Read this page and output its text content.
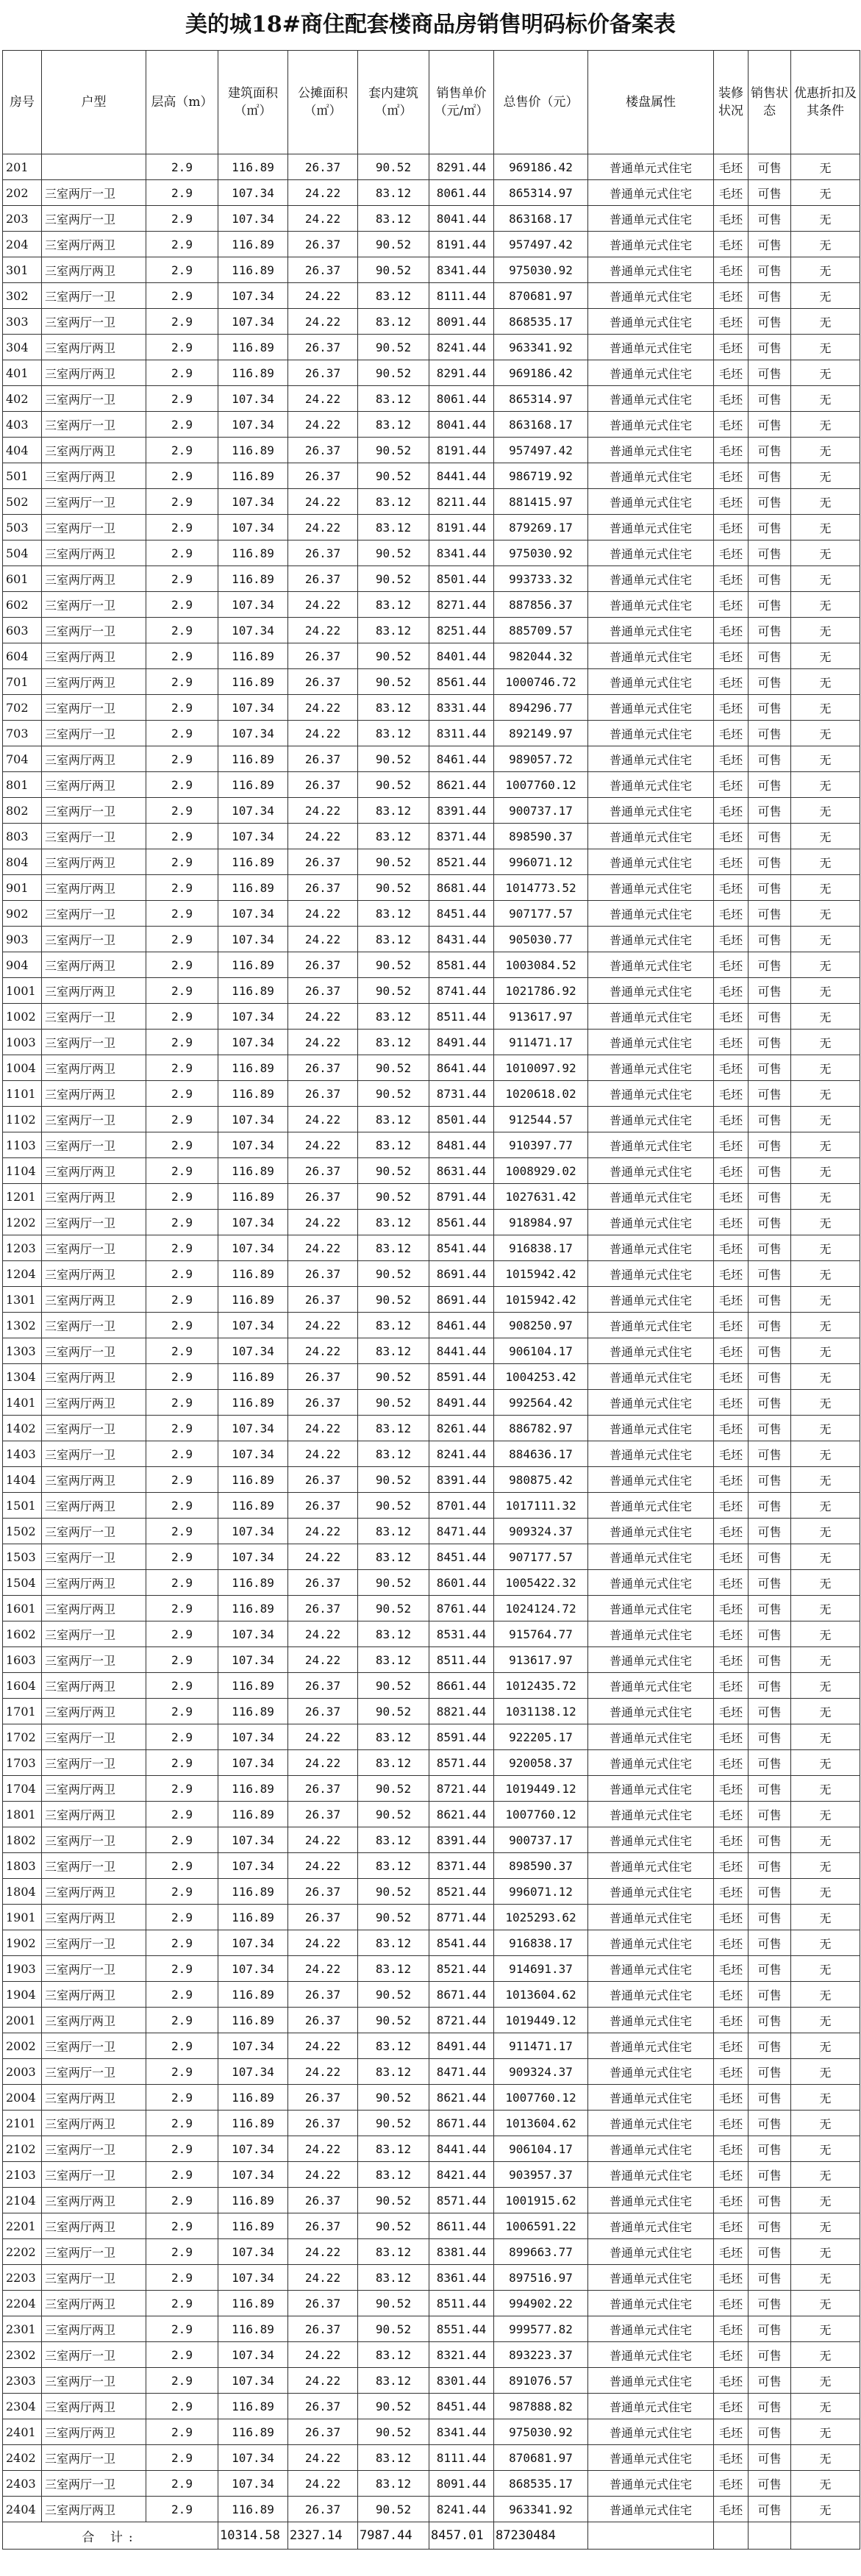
美的城18#商住配套楼商品房销售明码标价备案表
房号	户型	层高（m）	建筑面积（㎡）	公摊面积（㎡）	套内建筑（㎡）	销售单价（元/㎡）	总售价（元）	楼盘属性	装修状况	销售状态	优惠折扣及其条件
201		2.9	116.89	26.37	90.52	8291.44	969186.42	普通单元式住宅	毛坯	可售	无
202	三室两厅一卫	2.9	107.34	24.22	83.12	8061.44	865314.97	普通单元式住宅	毛坯	可售	无
203	三室两厅一卫	2.9	107.34	24.22	83.12	8041.44	863168.17	普通单元式住宅	毛坯	可售	无
204	三室两厅两卫	2.9	116.89	26.37	90.52	8191.44	957497.42	普通单元式住宅	毛坯	可售	无
301	三室两厅两卫	2.9	116.89	26.37	90.52	8341.44	975030.92	普通单元式住宅	毛坯	可售	无
302	三室两厅一卫	2.9	107.34	24.22	83.12	8111.44	870681.97	普通单元式住宅	毛坯	可售	无
303	三室两厅一卫	2.9	107.34	24.22	83.12	8091.44	868535.17	普通单元式住宅	毛坯	可售	无
304	三室两厅两卫	2.9	116.89	26.37	90.52	8241.44	963341.92	普通单元式住宅	毛坯	可售	无
401	三室两厅两卫	2.9	116.89	26.37	90.52	8291.44	969186.42	普通单元式住宅	毛坯	可售	无
402	三室两厅一卫	2.9	107.34	24.22	83.12	8061.44	865314.97	普通单元式住宅	毛坯	可售	无
403	三室两厅一卫	2.9	107.34	24.22	83.12	8041.44	863168.17	普通单元式住宅	毛坯	可售	无
404	三室两厅两卫	2.9	116.89	26.37	90.52	8191.44	957497.42	普通单元式住宅	毛坯	可售	无
501	三室两厅两卫	2.9	116.89	26.37	90.52	8441.44	986719.92	普通单元式住宅	毛坯	可售	无
502	三室两厅一卫	2.9	107.34	24.22	83.12	8211.44	881415.97	普通单元式住宅	毛坯	可售	无
503	三室两厅一卫	2.9	107.34	24.22	83.12	8191.44	879269.17	普通单元式住宅	毛坯	可售	无
504	三室两厅两卫	2.9	116.89	26.37	90.52	8341.44	975030.92	普通单元式住宅	毛坯	可售	无
601	三室两厅两卫	2.9	116.89	26.37	90.52	8501.44	993733.32	普通单元式住宅	毛坯	可售	无
602	三室两厅一卫	2.9	107.34	24.22	83.12	8271.44	887856.37	普通单元式住宅	毛坯	可售	无
603	三室两厅一卫	2.9	107.34	24.22	83.12	8251.44	885709.57	普通单元式住宅	毛坯	可售	无
604	三室两厅两卫	2.9	116.89	26.37	90.52	8401.44	982044.32	普通单元式住宅	毛坯	可售	无
701	三室两厅两卫	2.9	116.89	26.37	90.52	8561.44	1000746.72	普通单元式住宅	毛坯	可售	无
702	三室两厅一卫	2.9	107.34	24.22	83.12	8331.44	894296.77	普通单元式住宅	毛坯	可售	无
703	三室两厅一卫	2.9	107.34	24.22	83.12	8311.44	892149.97	普通单元式住宅	毛坯	可售	无
704	三室两厅两卫	2.9	116.89	26.37	90.52	8461.44	989057.72	普通单元式住宅	毛坯	可售	无
801	三室两厅两卫	2.9	116.89	26.37	90.52	8621.44	1007760.12	普通单元式住宅	毛坯	可售	无
802	三室两厅一卫	2.9	107.34	24.22	83.12	8391.44	900737.17	普通单元式住宅	毛坯	可售	无
803	三室两厅一卫	2.9	107.34	24.22	83.12	8371.44	898590.37	普通单元式住宅	毛坯	可售	无
804	三室两厅两卫	2.9	116.89	26.37	90.52	8521.44	996071.12	普通单元式住宅	毛坯	可售	无
901	三室两厅两卫	2.9	116.89	26.37	90.52	8681.44	1014773.52	普通单元式住宅	毛坯	可售	无
902	三室两厅一卫	2.9	107.34	24.22	83.12	8451.44	907177.57	普通单元式住宅	毛坯	可售	无
903	三室两厅一卫	2.9	107.34	24.22	83.12	8431.44	905030.77	普通单元式住宅	毛坯	可售	无
904	三室两厅两卫	2.9	116.89	26.37	90.52	8581.44	1003084.52	普通单元式住宅	毛坯	可售	无
1001	三室两厅两卫	2.9	116.89	26.37	90.52	8741.44	1021786.92	普通单元式住宅	毛坯	可售	无
1002	三室两厅一卫	2.9	107.34	24.22	83.12	8511.44	913617.97	普通单元式住宅	毛坯	可售	无
1003	三室两厅一卫	2.9	107.34	24.22	83.12	8491.44	911471.17	普通单元式住宅	毛坯	可售	无
1004	三室两厅两卫	2.9	116.89	26.37	90.52	8641.44	1010097.92	普通单元式住宅	毛坯	可售	无
1101	三室两厅两卫	2.9	116.89	26.37	90.52	8731.44	1020618.02	普通单元式住宅	毛坯	可售	无
1102	三室两厅一卫	2.9	107.34	24.22	83.12	8501.44	912544.57	普通单元式住宅	毛坯	可售	无
1103	三室两厅一卫	2.9	107.34	24.22	83.12	8481.44	910397.77	普通单元式住宅	毛坯	可售	无
1104	三室两厅两卫	2.9	116.89	26.37	90.52	8631.44	1008929.02	普通单元式住宅	毛坯	可售	无
1201	三室两厅两卫	2.9	116.89	26.37	90.52	8791.44	1027631.42	普通单元式住宅	毛坯	可售	无
1202	三室两厅一卫	2.9	107.34	24.22	83.12	8561.44	918984.97	普通单元式住宅	毛坯	可售	无
1203	三室两厅一卫	2.9	107.34	24.22	83.12	8541.44	916838.17	普通单元式住宅	毛坯	可售	无
1204	三室两厅两卫	2.9	116.89	26.37	90.52	8691.44	1015942.42	普通单元式住宅	毛坯	可售	无
1301	三室两厅两卫	2.9	116.89	26.37	90.52	8691.44	1015942.42	普通单元式住宅	毛坯	可售	无
1302	三室两厅一卫	2.9	107.34	24.22	83.12	8461.44	908250.97	普通单元式住宅	毛坯	可售	无
1303	三室两厅一卫	2.9	107.34	24.22	83.12	8441.44	906104.17	普通单元式住宅	毛坯	可售	无
1304	三室两厅两卫	2.9	116.89	26.37	90.52	8591.44	1004253.42	普通单元式住宅	毛坯	可售	无
1401	三室两厅两卫	2.9	116.89	26.37	90.52	8491.44	992564.42	普通单元式住宅	毛坯	可售	无
1402	三室两厅一卫	2.9	107.34	24.22	83.12	8261.44	886782.97	普通单元式住宅	毛坯	可售	无
1403	三室两厅一卫	2.9	107.34	24.22	83.12	8241.44	884636.17	普通单元式住宅	毛坯	可售	无
1404	三室两厅两卫	2.9	116.89	26.37	90.52	8391.44	980875.42	普通单元式住宅	毛坯	可售	无
1501	三室两厅两卫	2.9	116.89	26.37	90.52	8701.44	1017111.32	普通单元式住宅	毛坯	可售	无
1502	三室两厅一卫	2.9	107.34	24.22	83.12	8471.44	909324.37	普通单元式住宅	毛坯	可售	无
1503	三室两厅一卫	2.9	107.34	24.22	83.12	8451.44	907177.57	普通单元式住宅	毛坯	可售	无
1504	三室两厅两卫	2.9	116.89	26.37	90.52	8601.44	1005422.32	普通单元式住宅	毛坯	可售	无
1601	三室两厅两卫	2.9	116.89	26.37	90.52	8761.44	1024124.72	普通单元式住宅	毛坯	可售	无
1602	三室两厅一卫	2.9	107.34	24.22	83.12	8531.44	915764.77	普通单元式住宅	毛坯	可售	无
1603	三室两厅一卫	2.9	107.34	24.22	83.12	8511.44	913617.97	普通单元式住宅	毛坯	可售	无
1604	三室两厅两卫	2.9	116.89	26.37	90.52	8661.44	1012435.72	普通单元式住宅	毛坯	可售	无
1701	三室两厅两卫	2.9	116.89	26.37	90.52	8821.44	1031138.12	普通单元式住宅	毛坯	可售	无
1702	三室两厅一卫	2.9	107.34	24.22	83.12	8591.44	922205.17	普通单元式住宅	毛坯	可售	无
1703	三室两厅一卫	2.9	107.34	24.22	83.12	8571.44	920058.37	普通单元式住宅	毛坯	可售	无
1704	三室两厅两卫	2.9	116.89	26.37	90.52	8721.44	1019449.12	普通单元式住宅	毛坯	可售	无
1801	三室两厅两卫	2.9	116.89	26.37	90.52	8621.44	1007760.12	普通单元式住宅	毛坯	可售	无
1802	三室两厅一卫	2.9	107.34	24.22	83.12	8391.44	900737.17	普通单元式住宅	毛坯	可售	无
1803	三室两厅一卫	2.9	107.34	24.22	83.12	8371.44	898590.37	普通单元式住宅	毛坯	可售	无
1804	三室两厅两卫	2.9	116.89	26.37	90.52	8521.44	996071.12	普通单元式住宅	毛坯	可售	无
1901	三室两厅两卫	2.9	116.89	26.37	90.52	8771.44	1025293.62	普通单元式住宅	毛坯	可售	无
1902	三室两厅一卫	2.9	107.34	24.22	83.12	8541.44	916838.17	普通单元式住宅	毛坯	可售	无
1903	三室两厅一卫	2.9	107.34	24.22	83.12	8521.44	914691.37	普通单元式住宅	毛坯	可售	无
1904	三室两厅两卫	2.9	116.89	26.37	90.52	8671.44	1013604.62	普通单元式住宅	毛坯	可售	无
2001	三室两厅两卫	2.9	116.89	26.37	90.52	8721.44	1019449.12	普通单元式住宅	毛坯	可售	无
2002	三室两厅一卫	2.9	107.34	24.22	83.12	8491.44	911471.17	普通单元式住宅	毛坯	可售	无
2003	三室两厅一卫	2.9	107.34	24.22	83.12	8471.44	909324.37	普通单元式住宅	毛坯	可售	无
2004	三室两厅两卫	2.9	116.89	26.37	90.52	8621.44	1007760.12	普通单元式住宅	毛坯	可售	无
2101	三室两厅两卫	2.9	116.89	26.37	90.52	8671.44	1013604.62	普通单元式住宅	毛坯	可售	无
2102	三室两厅一卫	2.9	107.34	24.22	83.12	8441.44	906104.17	普通单元式住宅	毛坯	可售	无
2103	三室两厅一卫	2.9	107.34	24.22	83.12	8421.44	903957.37	普通单元式住宅	毛坯	可售	无
2104	三室两厅两卫	2.9	116.89	26.37	90.52	8571.44	1001915.62	普通单元式住宅	毛坯	可售	无
2201	三室两厅两卫	2.9	116.89	26.37	90.52	8611.44	1006591.22	普通单元式住宅	毛坯	可售	无
2202	三室两厅一卫	2.9	107.34	24.22	83.12	8381.44	899663.77	普通单元式住宅	毛坯	可售	无
2203	三室两厅一卫	2.9	107.34	24.22	83.12	8361.44	897516.97	普通单元式住宅	毛坯	可售	无
2204	三室两厅两卫	2.9	116.89	26.37	90.52	8511.44	994902.22	普通单元式住宅	毛坯	可售	无
2301	三室两厅两卫	2.9	116.89	26.37	90.52	8551.44	999577.82	普通单元式住宅	毛坯	可售	无
2302	三室两厅一卫	2.9	107.34	24.22	83.12	8321.44	893223.37	普通单元式住宅	毛坯	可售	无
2303	三室两厅一卫	2.9	107.34	24.22	83.12	8301.44	891076.57	普通单元式住宅	毛坯	可售	无
2304	三室两厅两卫	2.9	116.89	26.37	90.52	8451.44	987888.82	普通单元式住宅	毛坯	可售	无
2401	三室两厅两卫	2.9	116.89	26.37	90.52	8341.44	975030.92	普通单元式住宅	毛坯	可售	无
2402	三室两厅一卫	2.9	107.34	24.22	83.12	8111.44	870681.97	普通单元式住宅	毛坯	可售	无
2403	三室两厅一卫	2.9	107.34	24.22	83.12	8091.44	868535.17	普通单元式住宅	毛坯	可售	无
2404	三室两厅两卫	2.9	116.89	26.37	90.52	8241.44	963341.92	普通单元式住宅	毛坯	可售	无
合 计:			10314.58	2327.14	7987.44	8457.01	87230484				
